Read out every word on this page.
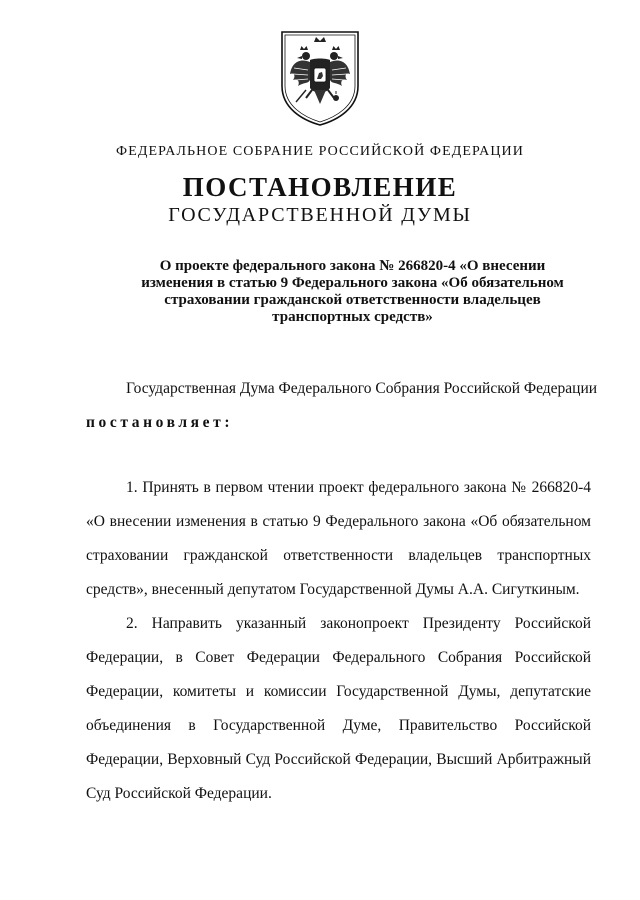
ФЕДЕРАЛЬНОЕ СОБРАНИЕ РОССИЙСКОЙ ФЕДЕРАЦИИ
ПОСТАНОВЛЕНИЕ
ГОСУДАРСТВЕННОЙ ДУМЫ

О проекте федерального закона № 266820-4 «О внесении
изменения в статью 9 Федерального закона «Об обязательном
страховании гражданской ответственности владельцев
транспортных средств»

Государственная Дума Федерального Собрания Российской Федерации

постановляет:

1. Принять в первом чтении проект федерального закона № 266820-4

«О внесении изменения в статью 9 Федерального закона «Об обязательном

страховании гражданской ответственности владельцев транспортных

средств», внесенный депутатом Государственной Думы А.А. Сигуткиным.

2. Направить указанный законопроект Президенту Российской

Федерации, в Совет Федерации Федерального Собрания Российской

Федерации, комитеты и комиссии Государственной Думы, депутатские

объединения в Государственной Думе, Правительство Российской

Федерации, Верховный Суд Российской Федерации, Высший Арбитражный

Суд Российской Федерации.
